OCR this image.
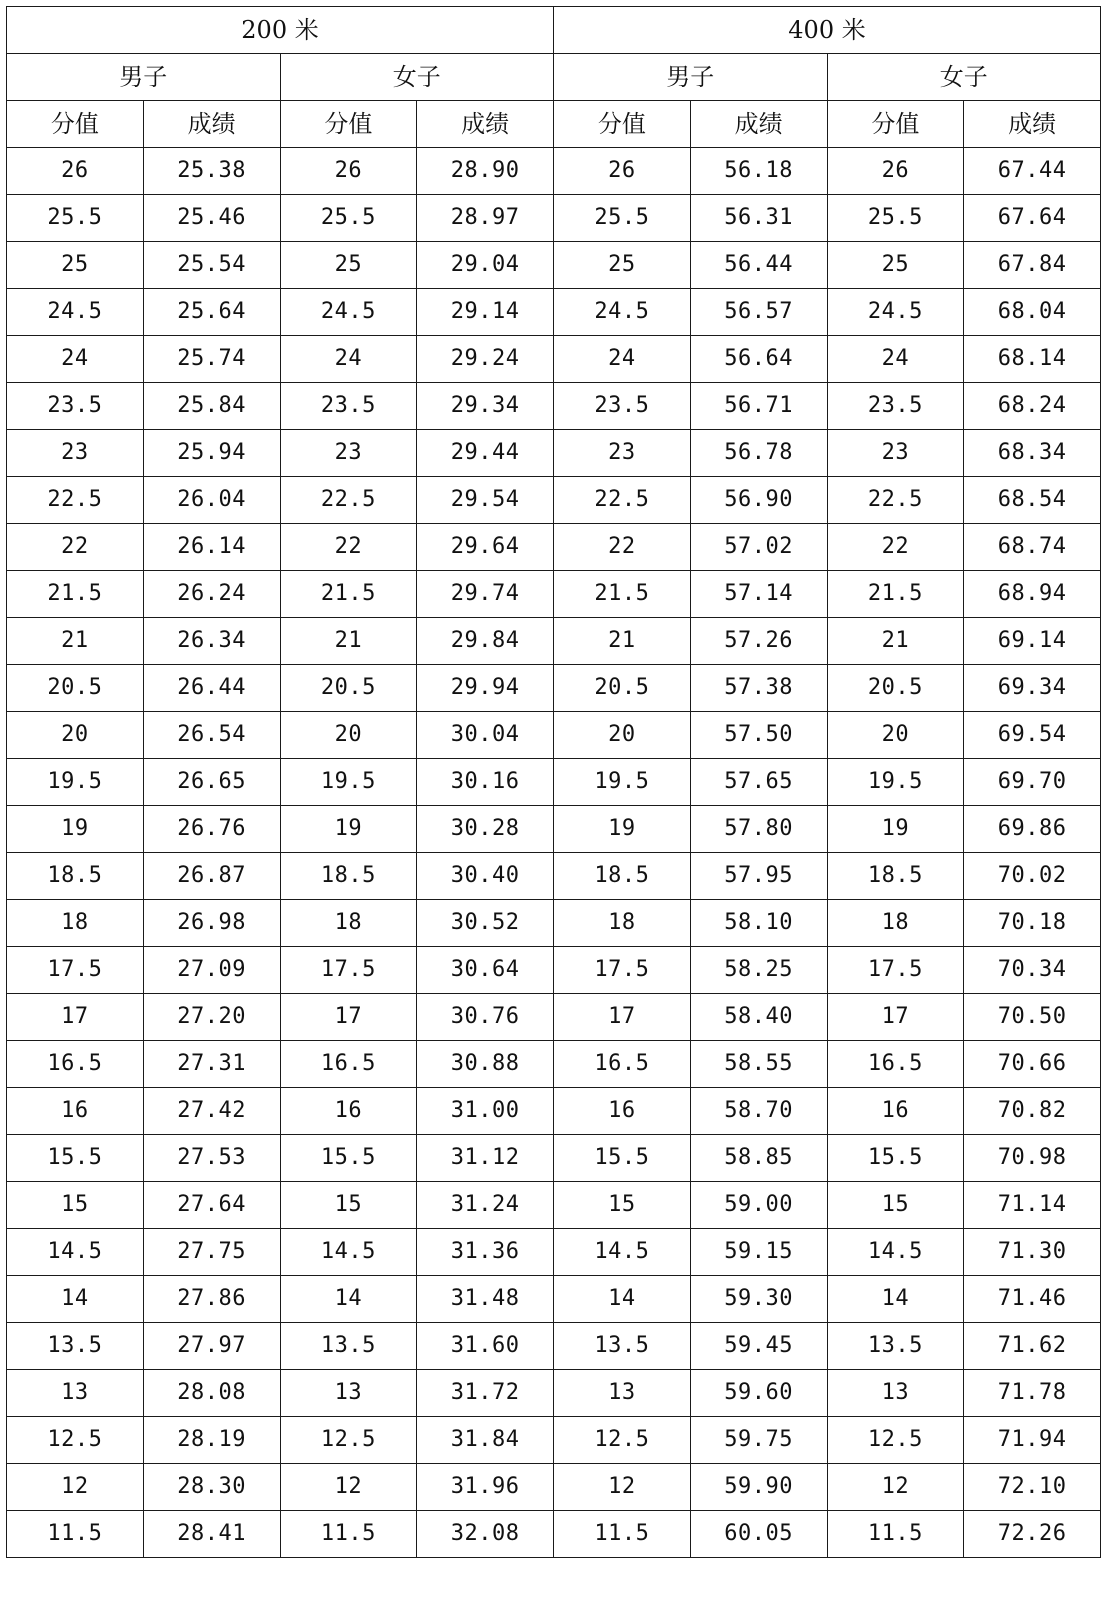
200 米				400 米			
男子		女子		男子		女子	
分值	成绩	分值	成绩	分值	成绩	分值	成绩
26	25.38	26	28.90	26	56.18	26	67.44
25.5	25.46	25.5	28.97	25.5	56.31	25.5	67.64
25	25.54	25	29.04	25	56.44	25	67.84
24.5	25.64	24.5	29.14	24.5	56.57	24.5	68.04
24	25.74	24	29.24	24	56.64	24	68.14
23.5	25.84	23.5	29.34	23.5	56.71	23.5	68.24
23	25.94	23	29.44	23	56.78	23	68.34
22.5	26.04	22.5	29.54	22.5	56.90	22.5	68.54
22	26.14	22	29.64	22	57.02	22	68.74
21.5	26.24	21.5	29.74	21.5	57.14	21.5	68.94
21	26.34	21	29.84	21	57.26	21	69.14
20.5	26.44	20.5	29.94	20.5	57.38	20.5	69.34
20	26.54	20	30.04	20	57.50	20	69.54
19.5	26.65	19.5	30.16	19.5	57.65	19.5	69.70
19	26.76	19	30.28	19	57.80	19	69.86
18.5	26.87	18.5	30.40	18.5	57.95	18.5	70.02
18	26.98	18	30.52	18	58.10	18	70.18
17.5	27.09	17.5	30.64	17.5	58.25	17.5	70.34
17	27.20	17	30.76	17	58.40	17	70.50
16.5	27.31	16.5	30.88	16.5	58.55	16.5	70.66
16	27.42	16	31.00	16	58.70	16	70.82
15.5	27.53	15.5	31.12	15.5	58.85	15.5	70.98
15	27.64	15	31.24	15	59.00	15	71.14
14.5	27.75	14.5	31.36	14.5	59.15	14.5	71.30
14	27.86	14	31.48	14	59.30	14	71.46
13.5	27.97	13.5	31.60	13.5	59.45	13.5	71.62
13	28.08	13	31.72	13	59.60	13	71.78
12.5	28.19	12.5	31.84	12.5	59.75	12.5	71.94
12	28.30	12	31.96	12	59.90	12	72.10
11.5	28.41	11.5	32.08	11.5	60.05	11.5	72.26
